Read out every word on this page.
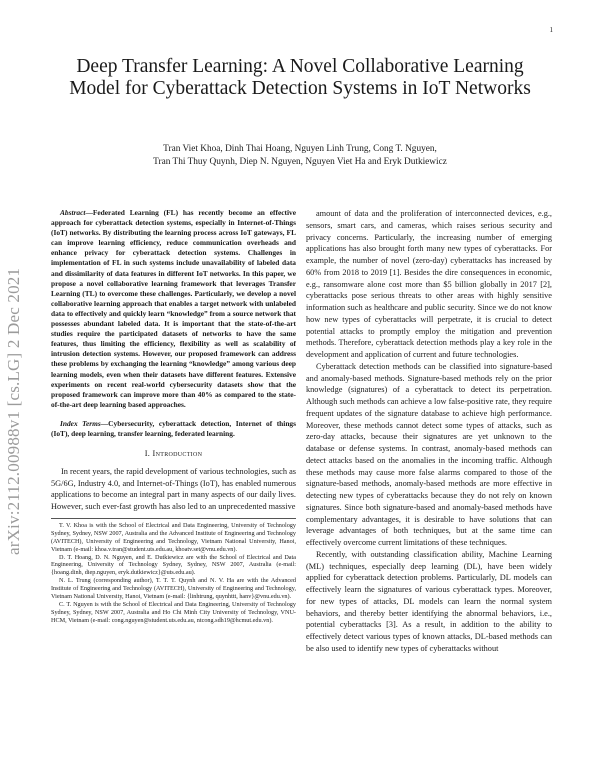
1
arXiv:2112.00988v1 [cs.LG] 2 Dec 2021
Deep Transfer Learning: A Novel Collaborative Learning Model for Cyberattack Detection Systems in IoT Networks
Tran Viet Khoa, Dinh Thai Hoang, Nguyen Linh Trung, Cong T. Nguyen,
Tran Thi Thuy Quynh, Diep N. Nguyen, Nguyen Viet Ha and Eryk Dutkiewicz

Abstract—Federated Learning (FL) has recently become an effective approach for cyberattack detection systems, especially in Internet-of-Things (IoT) networks. By distributing the learning process across IoT gateways, FL can improve learning efficiency, reduce communication overheads and enhance privacy for cyberattack detection systems. Challenges in implementation of FL in such systems include unavailability of labeled data and dissimilarity of data features in different IoT networks. In this paper, we propose a novel collaborative learning framework that leverages Transfer Learning (TL) to overcome these challenges. Particularly, we develop a novel collaborative learning approach that enables a target network with unlabeled data to effectively and quickly learn “knowledge” from a source network that possesses abundant labeled data. It is important that the state-of-the-art studies require the participated datasets of networks to have the same features, thus limiting the efficiency, flexibility as well as scalability of intrusion detection systems. However, our proposed framework can address these problems by exchanging the learning “knowledge” among various deep learning models, even when their datasets have different features. Extensive experiments on recent real-world cybersecurity datasets show that the proposed framework can improve more than 40% as compared to the state-of-the-art deep learning based approaches.

Index Terms—Cybersecurity, cyberattack detection, Internet of things (IoT), deep learning, transfer learning, federated learning.

I. Introduction

In recent years, the rapid development of various technologies, such as 5G/6G, Industry 4.0, and Internet-of-Things (IoT), has enabled numerous applications to become an integral part in many aspects of our daily lives. However, such ever-fast growth has also led to an unprecedented massive

T. V. Khoa is with the School of Electrical and Data Engineering, University of Technology Sydney, Sydney, NSW 2007, Australia and the Advanced Institute of Engineering and Technology (AVITECH), University of Engineering and Technology, Vietnam National University, Hanoi, Vietnam (e-mail: khoa.v.tran@student.uts.edu.au, khoatv.set@vnu.edu.vn).

D. T. Hoang, D. N. Nguyen, and E. Dutkiewicz are with the School of Electrical and Data Engineering, University of Technology Sydney, Sydney, NSW 2007, Australia (e-mail: {hoang.dinh, diep.nguyen, eryk.dutkiewicz}@uts.edu.au).

N. L. Trung (corresponding author), T. T. T. Quynh and N. V. Ha are with the Advanced Institute of Engineering and Technology (AVITECH), University of Engineering and Technology, Vietnam National University, Hanoi, Vietnam (e-mail: {linhtrung, quynhttt, hanv}@vnu.edu.vn).

C. T. Nguyen is with the School of Electrical and Data Engineering, University of Technology Sydney, Sydney, NSW 2007, Australia and Ho Chi Minh City University of Technology, VNU-HCM, Vietnam (e-mail: cong.nguyen@student.uts.edu.au, ntcong.sdh19@hcmut.edu.vn).

amount of data and the proliferation of interconnected devices, e.g., sensors, smart cars, and cameras, which raises serious security and privacy concerns. Particularly, the increasing number of emerging applications has also brought forth many new types of cyberattacks. For example, the number of novel (zero-day) cyberattacks has increased by 60% from 2018 to 2019 [1]. Besides the dire consequences in economic, e.g., ransomware alone cost more than $5 billion globally in 2017 [2], cyberattacks pose serious threats to other areas with highly sensitive information such as healthcare and public security. Since we do not know how new types of cyberattacks will perpetrate, it is crucial to detect potential attacks to promptly employ the mitigation and prevention methods. Therefore, cyberattack detection methods play a key role in the development and application of current and future technologies.

Cyberattack detection methods can be classified into signature-based and anomaly-based methods. Signature-based methods rely on the prior knowledge (signatures) of a cyberattack to detect its perpetration. Although such methods can achieve a low false-positive rate, they require frequent updates of the signature database to achieve high performance. Moreover, these methods cannot detect some types of attacks, such as zero-day attacks, because their signatures are yet unknown to the database or defense systems. In contrast, anomaly-based methods can detect attacks based on the anomalies in the incoming traffic. Although these methods may cause more false alarms compared to those of the signature-based methods, anomaly-based methods are more effective in detecting new types of cyberattacks because they do not rely on known signatures. Since both signature-based and anomaly-based methods have complementary advantages, it is desirable to have solutions that can leverage advantages of both techniques, but at the same time can effectively overcome current limitations of these techniques.

Recently, with outstanding classification ability, Machine Learning (ML) techniques, especially deep learning (DL), have been widely applied for cyberattack detection problems. Particularly, DL models can effectively learn the signatures of various cyberattack types. Moreover, for new types of attacks, DL models can learn the normal system behaviors, and thereby better identifying the abnormal behaviors, i.e., potential cyberattacks [3]. As a result, in addition to the ability to effectively detect various types of known attacks, DL-based methods can be also used to identify new types of cyberattacks without
